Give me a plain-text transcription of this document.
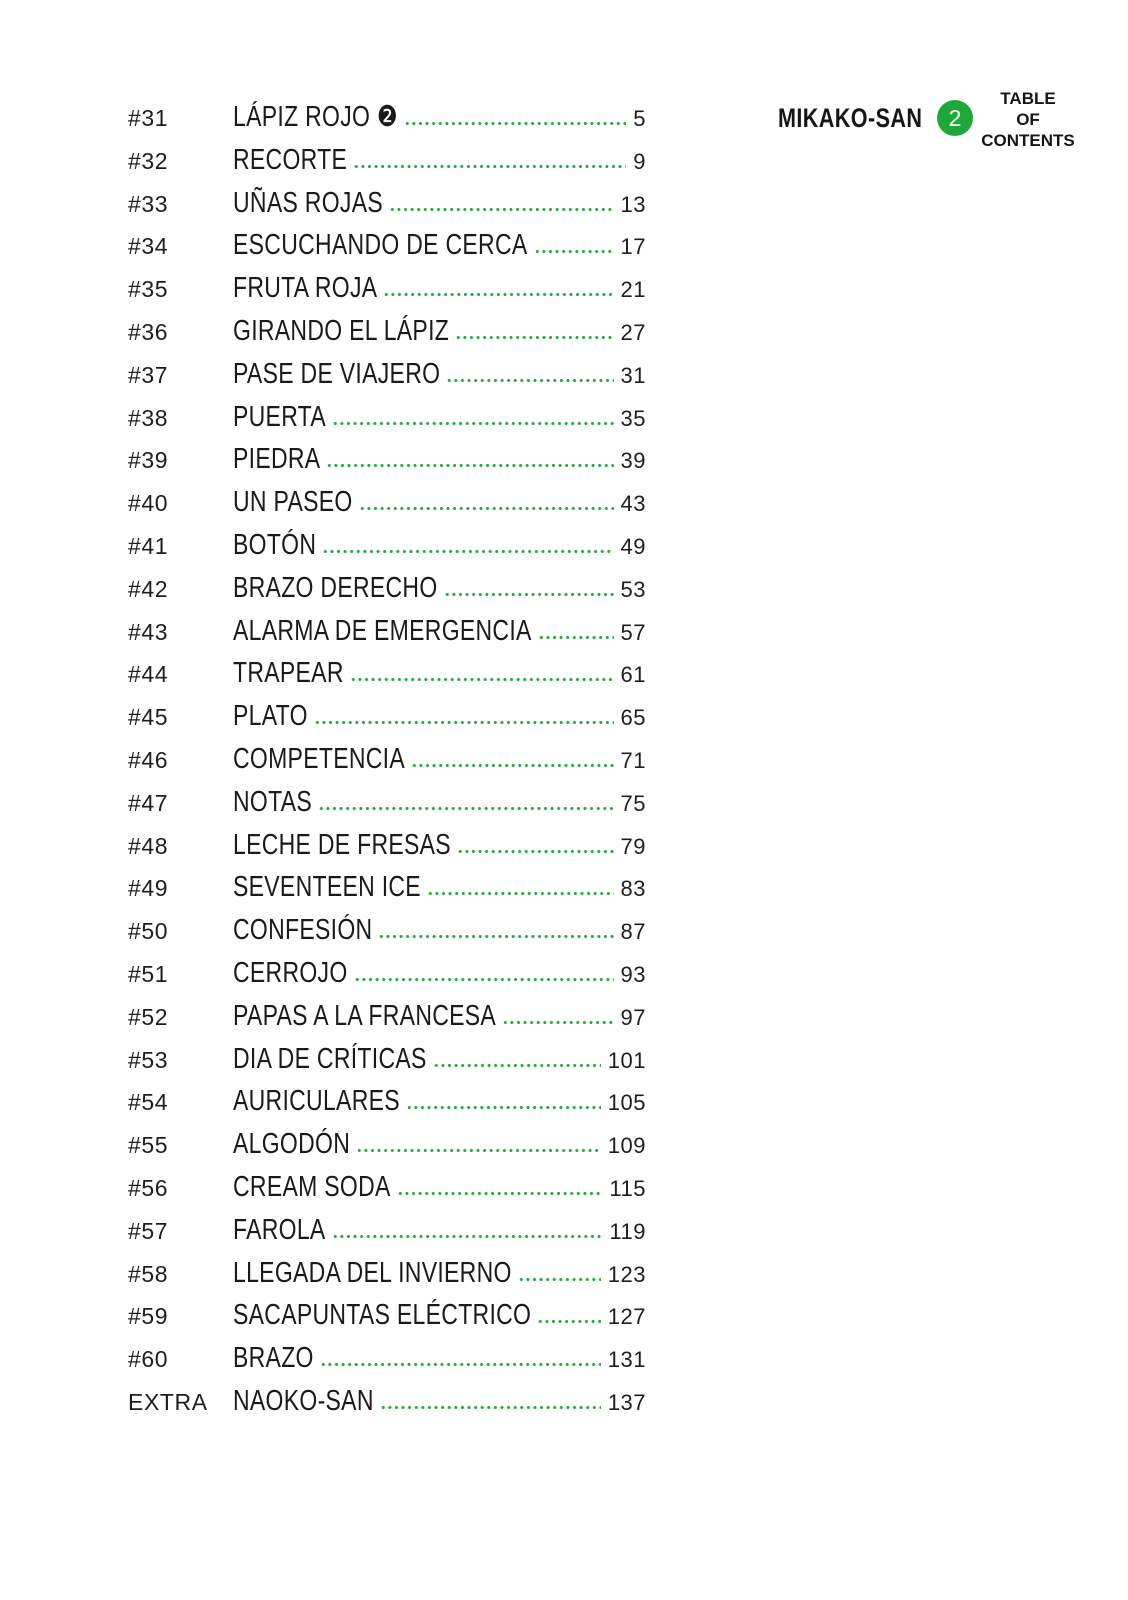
#31	LÁPIZ ROJO ❷	5
#32	RECORTE	9
#33	UÑAS ROJAS	13
#34	ESCUCHANDO DE CERCA	17
#35	FRUTA ROJA	21
#36	GIRANDO EL LÁPIZ	27
#37	PASE DE VIAJERO	31
#38	PUERTA	35
#39	PIEDRA	39
#40	UN PASEO	43
#41	BOTÓN	49
#42	BRAZO DERECHO	53
#43	ALARMA DE EMERGENCIA	57
#44	TRAPEAR	61
#45	PLATO	65
#46	COMPETENCIA	71
#47	NOTAS	75
#48	LECHE DE FRESAS	79
#49	SEVENTEEN ICE	83
#50	CONFESIÓN	87
#51	CERROJO	93
#52	PAPAS A LA FRANCESA	97
#53	DIA DE CRÍTICAS	101
#54	AURICULARES	105
#55	ALGODÓN	109
#56	CREAM SODA	115
#57	FAROLA	119
#58	LLEGADA DEL INVIERNO	123
#59	SACAPUNTAS ELÉCTRICO	127
#60	BRAZO	131
EXTRA	NAOKO-SAN	137
MIKAKO-SAN	2
TABLE
OF
CONTENTS
